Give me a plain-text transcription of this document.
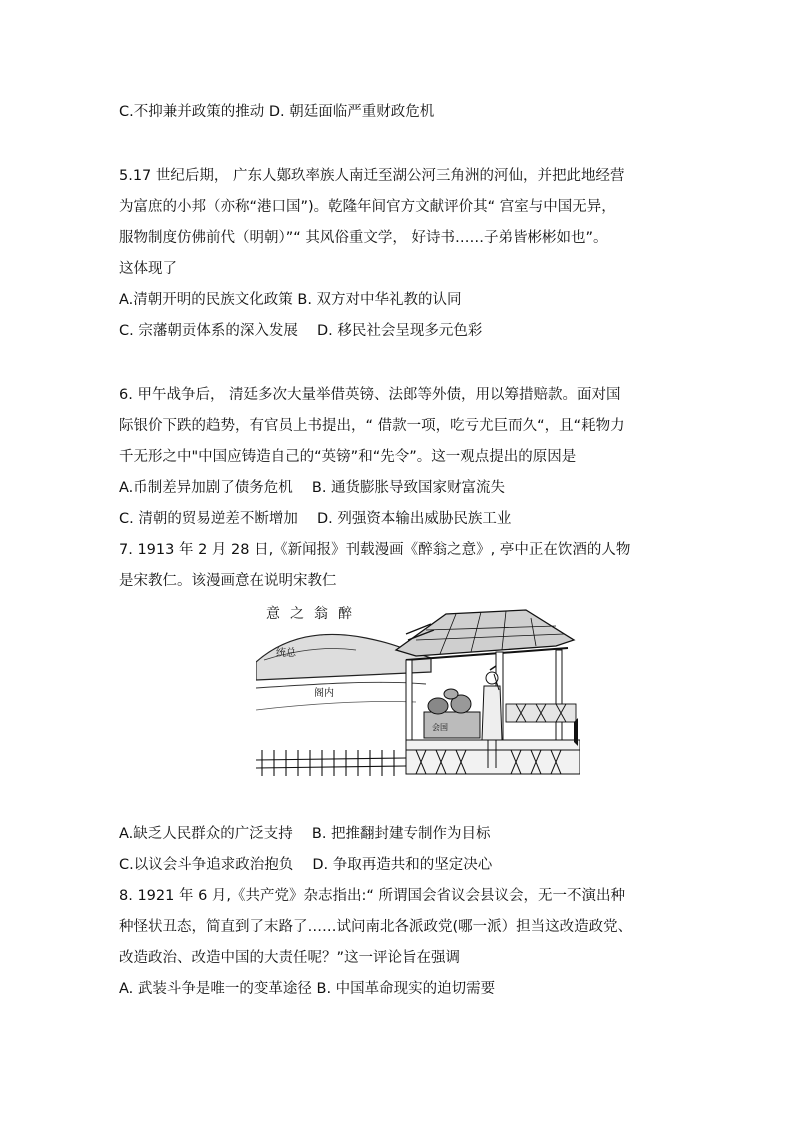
C.不抑兼并政策的推动 D. 朝廷面临严重财政危机
5.17 世纪后期， 广东人鄚玖率族人南迁至湖公河三角洲的河仙，并把此地经营
为富庶的小邦（亦称“港口国”)。乾隆年间官方文献评价其“ 宫室与中国无异，
服物制度仿佛前代（明朝）”“ 其风俗重文学， 好诗书……子弟皆彬彬如也”。
这体现了
A.清朝开明的民族文化政策 B. 双方对中华礼教的认同
C. 宗藩朝贡体系的深入发展 　D. 移民社会呈现多元色彩
6. 甲午战争后， 清廷多次大量举借英镑、法郎等外债，用以筹措赔款。面对国
际银价下跌的趋势，有官员上书提出，“ 借款一项，吃亏尤巨而久“，且“耗物力
千无形之中"中国应铸造自己的“英镑”和“先令”。这一观点提出的原因是
A.币制差异加剧了债务危机 　B. 通货膨胀导致国家财富流失
C. 清朝的贸易逆差不断增加 　D. 列强资本输出威胁民族工业
7. 1913 年 2 月 28 日,《新闻报》刊载漫画《醉翁之意》, 亭中正在饮酒的人物
是宋教仁。该漫画意在说明宋教仁
意之翁醉
统总
阁内
会国
A.缺乏人民群众的广泛支持 　B. 把推翻封建专制作为目标
C.以议会斗争追求政治抱负 　D. 争取再造共和的坚定决心
8. 1921 年 6 月,《共产党》杂志指出:“ 所谓国会省议会县议会，无一不演出种
种怪状丑态，简直到了末路了……试问南北各派政党(哪一派）担当这改造政党、
改造政治、改造中国的大责任呢？”这一评论旨在强调
A. 武装斗争是唯一的变革途径 B. 中国革命现实的迫切需要
